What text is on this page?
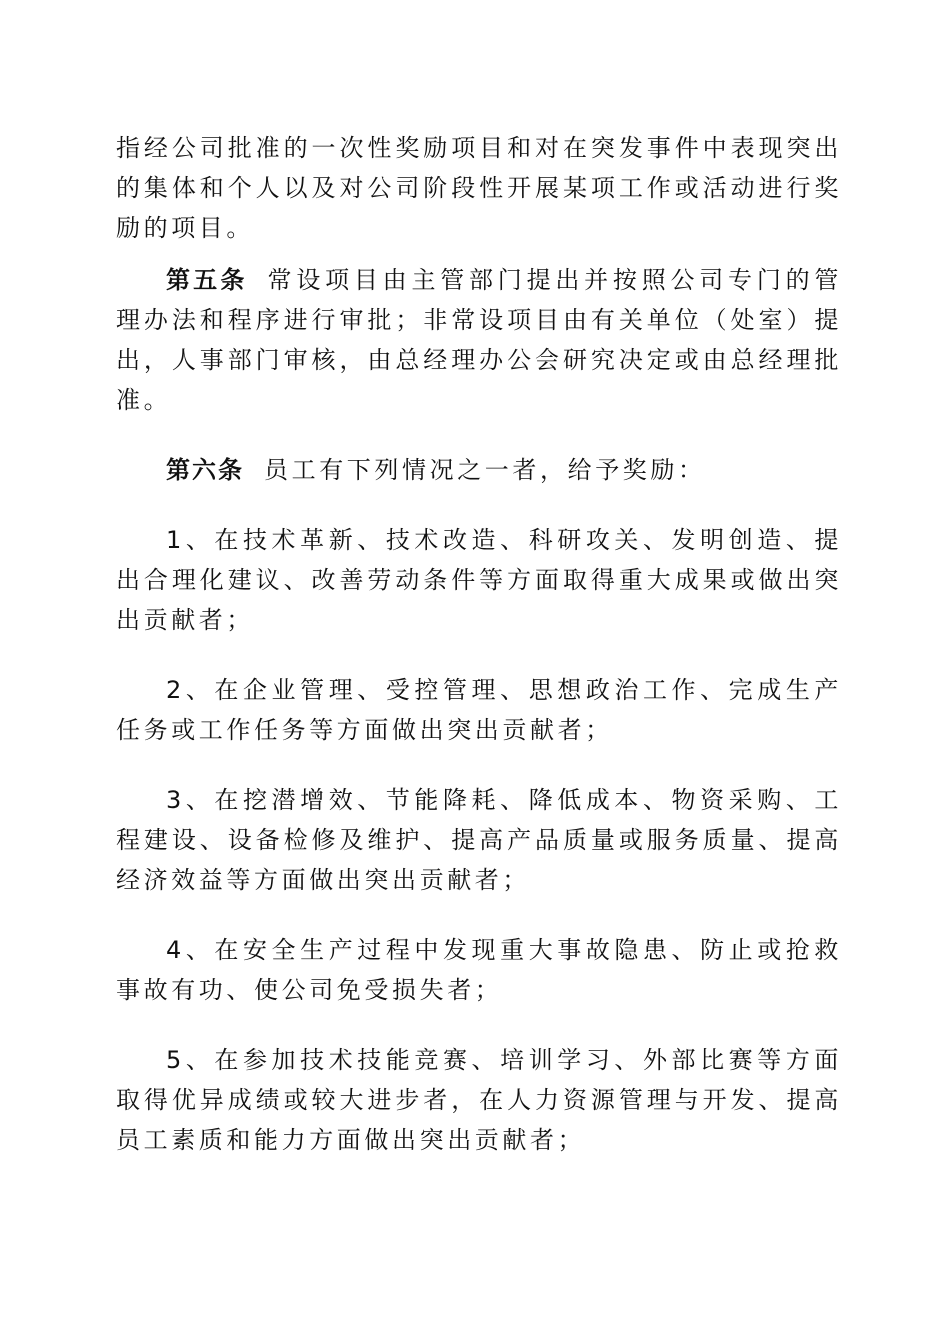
指经公司批准的一次性奖励项目和对在突发事件中表现突出的集体和个人以及对公司阶段性开展某项工作或活动进行奖励的项目。

第五条 常设项目由主管部门提出并按照公司专门的管理办法和程序进行审批；非常设项目由有关单位（处室）提出，人事部门审核，由总经理办公会研究决定或由总经理批准。

第六条 员工有下列情况之一者，给予奖励：

1、在技术革新、技术改造、科研攻关、发明创造、提出合理化建议、改善劳动条件等方面取得重大成果或做出突出贡献者；

2、在企业管理、受控管理、思想政治工作、完成生产任务或工作任务等方面做出突出贡献者；

3、在挖潜增效、节能降耗、降低成本、物资采购、工程建设、设备检修及维护、提高产品质量或服务质量、提高经济效益等方面做出突出贡献者；

4、在安全生产过程中发现重大事故隐患、防止或抢救事故有功、使公司免受损失者；

5、在参加技术技能竞赛、培训学习、外部比赛等方面取得优异成绩或较大进步者，在人力资源管理与开发、提高员工素质和能力方面做出突出贡献者；
